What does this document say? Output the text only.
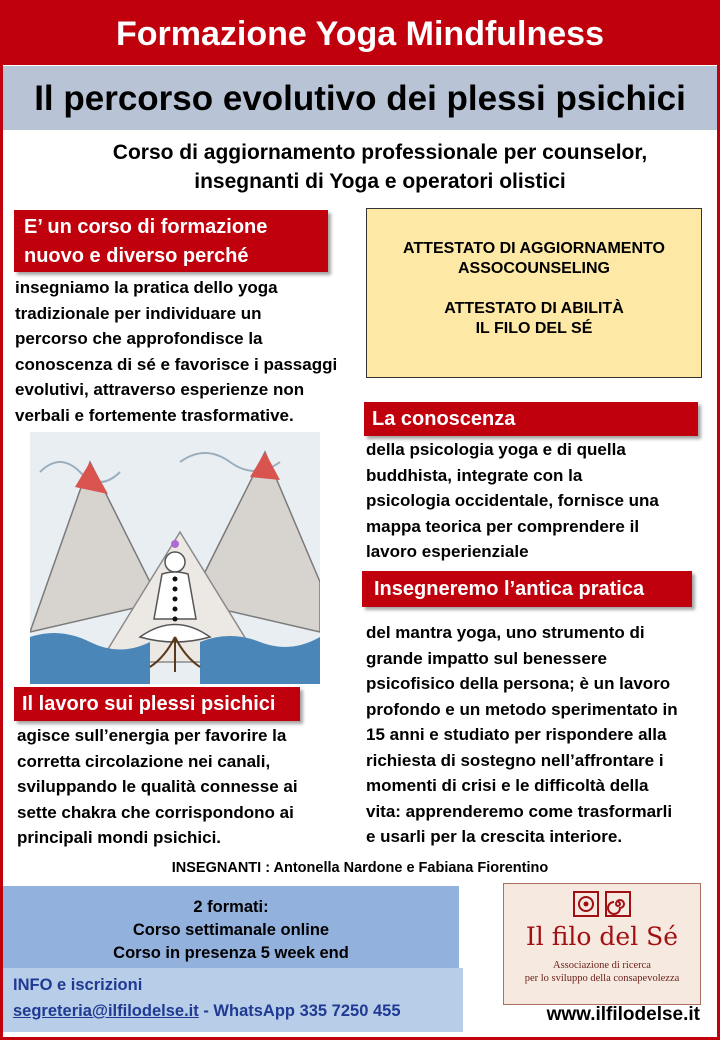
Formazione Yoga Mindfulness
Il percorso evolutivo dei plessi psichici
Corso di aggiornamento professionale per counselor,
insegnanti di Yoga e operatori olistici
E’ un corso di formazione
nuovo e diverso perché
insegniamo la pratica dello yoga
tradizionale per individuare un
percorso che approfondisce la
conoscenza di sé e favorisce i passaggi
evolutivi, attraverso esperienze non
verbali e fortemente trasformative.
ATTESTATO DI AGGIORNAMENTO
ASSOCOUNSELING
ATTESTATO DI ABILITÀ
IL FILO DEL SÉ
La conoscenza
della psicologia yoga e di quella
buddhista, integrate con la
psicologia occidentale, fornisce una
mappa teorica per comprendere il
lavoro esperienziale
Insegneremo l’antica pratica
del mantra yoga, uno strumento di
grande impatto sul benessere
psicofisico della persona; è un lavoro
profondo e un metodo sperimentato in
15 anni e studiato per rispondere alla
richiesta di sostegno nell’affrontare i
momenti di crisi e le difficoltà della
vita: apprenderemo come trasformarli
e usarli per la crescita interiore.
Il lavoro sui plessi psichici
agisce sull’energia per favorire la
corretta circolazione nei canali,
sviluppando le qualità connesse ai
sette chakra che corrispondono ai
principali mondi psichici.
INSEGNANTI : Antonella Nardone e Fabiana Fiorentino
2 formati:
Corso settimanale online
Corso in presenza 5 week end
INFO e iscrizioni
segreteria@ilfilodelse.it - WhatsApp 335 7250 455
Il filo del Sé
Associazione di ricerca
per lo sviluppo della consapevolezza
www.ilfilodelse.it
